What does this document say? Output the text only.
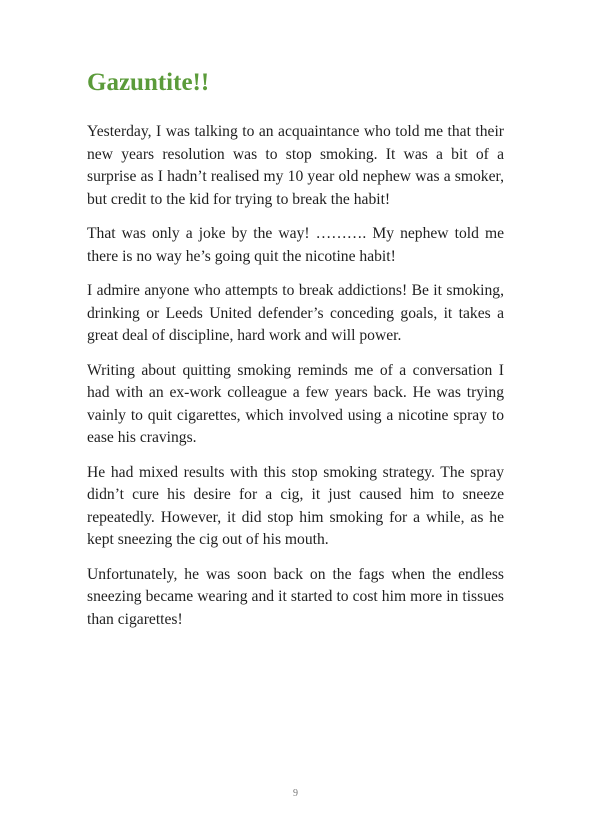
Gazuntite!!

Yesterday, I was talking to an acquaintance who told me that their new years resolution was to stop smoking. It was a bit of a surprise as I hadn’t realised my 10 year old nephew was a smoker, but credit to the kid for trying to break the habit!

That was only a joke by the way! ………. My nephew told me there is no way he’s going quit the nicotine habit!

I admire anyone who attempts to break addictions! Be it smoking, drinking or Leeds United defender’s conceding goals, it takes a great deal of discipline, hard work and will power.

Writing about quitting smoking reminds me of a conversation I had with an ex-work colleague a few years back. He was trying vainly to quit cigarettes, which involved using a nicotine spray to ease his cravings.

He had mixed results with this stop smoking strategy. The spray didn’t cure his desire for a cig, it just caused him to sneeze repeatedly. However, it did stop him smoking for a while, as he kept sneezing the cig out of his mouth.

Unfortunately, he was soon back on the fags when the endless sneezing became wearing and it started to cost him more in tissues than cigarettes!

9
